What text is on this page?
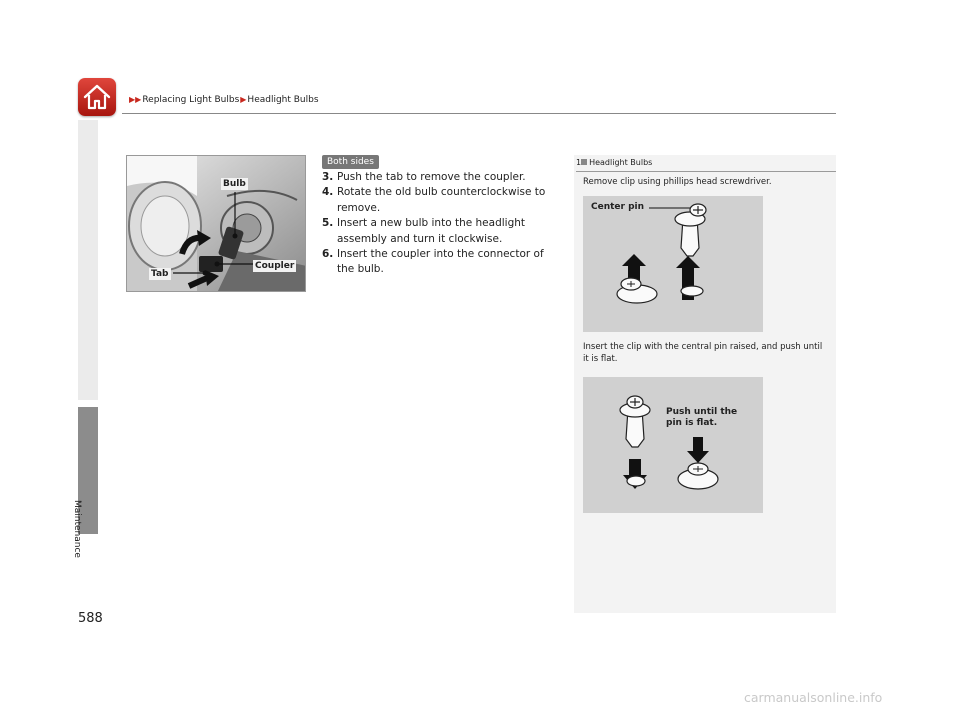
▶▶Replacing Light Bulbs▶Headlight Bulbs
Maintenance
Bulb
Coupler
Tab
Both sides
3. Push the tab to remove the coupler.
4. Rotate the old bulb counterclockwise to remove.
5. Insert a new bulb into the headlight assembly and turn it clockwise.
6. Insert the coupler into the connector of the bulb.
1 Headlight Bulbs
Remove clip using phillips head screwdriver.
Center pin
Insert the clip with the central pin raised, and push until it is flat.
Push until the
pin is flat.
588
carmanualsonline.info
